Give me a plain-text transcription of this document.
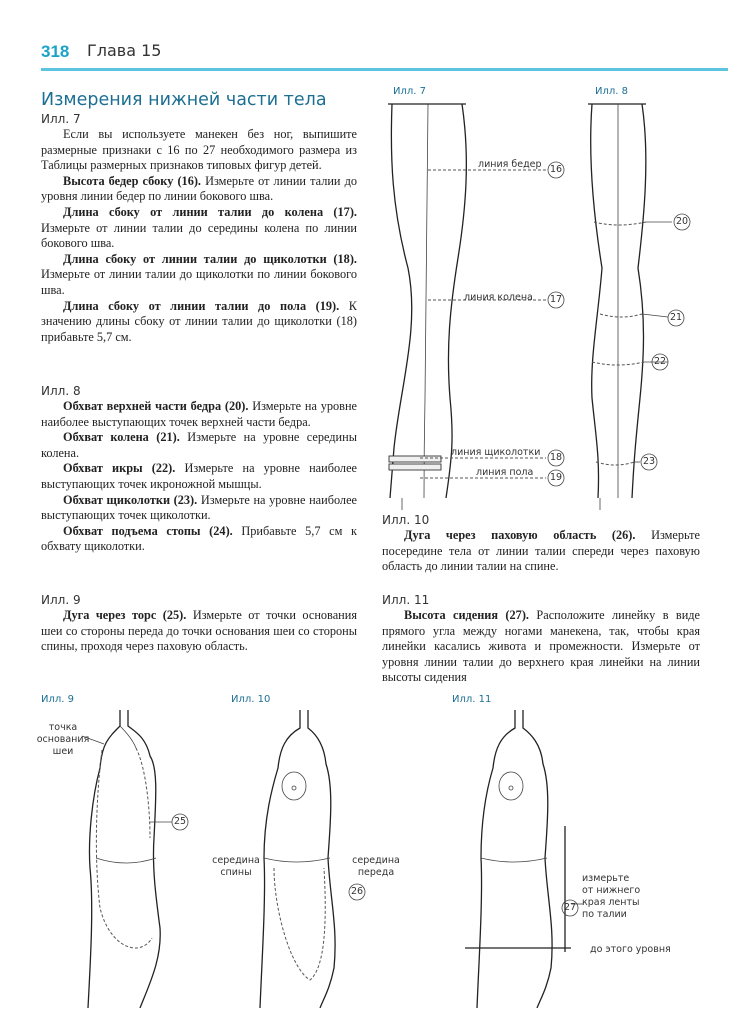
318 Глава 15
Измерения нижней части тела
Илл. 7

Если вы используете манекен без ног, выпишите размерные признаки с 16 по 27 необходимого размера из Таблицы размерных признаков типовых фигур детей.

Высота бедер сбоку (16). Измерьте от линии талии до уровня линии бедер по линии бокового шва.

Длина сбоку от линии талии до колена (17). Измерьте от линии талии до середины колена по линии бокового шва.

Длина сбоку от линии талии до щиколотки (18). Измерьте от линии талии до щиколотки по линии бокового шва.

Длина сбоку от линии талии до пола (19). К значению длины сбоку от линии талии до щиколотки (18) прибавьте 5,7 см.

Илл. 8

Обхват верхней части бедра (20). Измерьте на уровне наиболее выступающих точек верхней части бедра.

Обхват колена (21). Измерьте на уровне середины колена.

Обхват икры (22). Измерьте на уровне наиболее выступающих точек икроножной мышцы.

Обхват щиколотки (23). Измерьте на уровне наиболее выступающих точек щиколотки.

Обхват подъема стопы (24). Прибавьте 5,7 см к обхвату щиколотки.

Илл. 9

Дуга через торс (25). Измерьте от точки основания шеи со стороны переда до точки основания шеи со стороны спины, проходя через паховую область.

Илл. 10

Дуга через паховую область (26). Измерьте посередине тела от линии талии спереди через паховую область до линии талии на спине.

Илл. 11

Высота сидения (27). Расположите линейку в виде прямого угла между ногами манекена, так, чтобы края линейки касались живота и промежности. Измерьте от уровня линии талии до верхнего края линейки на линии высоты сидения

Илл. 7
линия бедер
линия колена
линия щиколотки
линия пола
16
17
18
19
Илл. 8
20
21
22
23
Илл. 9
точка
основания
шеи
25
Илл. 10
середина
спины
середина
переда
26
Илл. 11
27
измерьте
от нижнего
края ленты
по талии
до этого уровня
